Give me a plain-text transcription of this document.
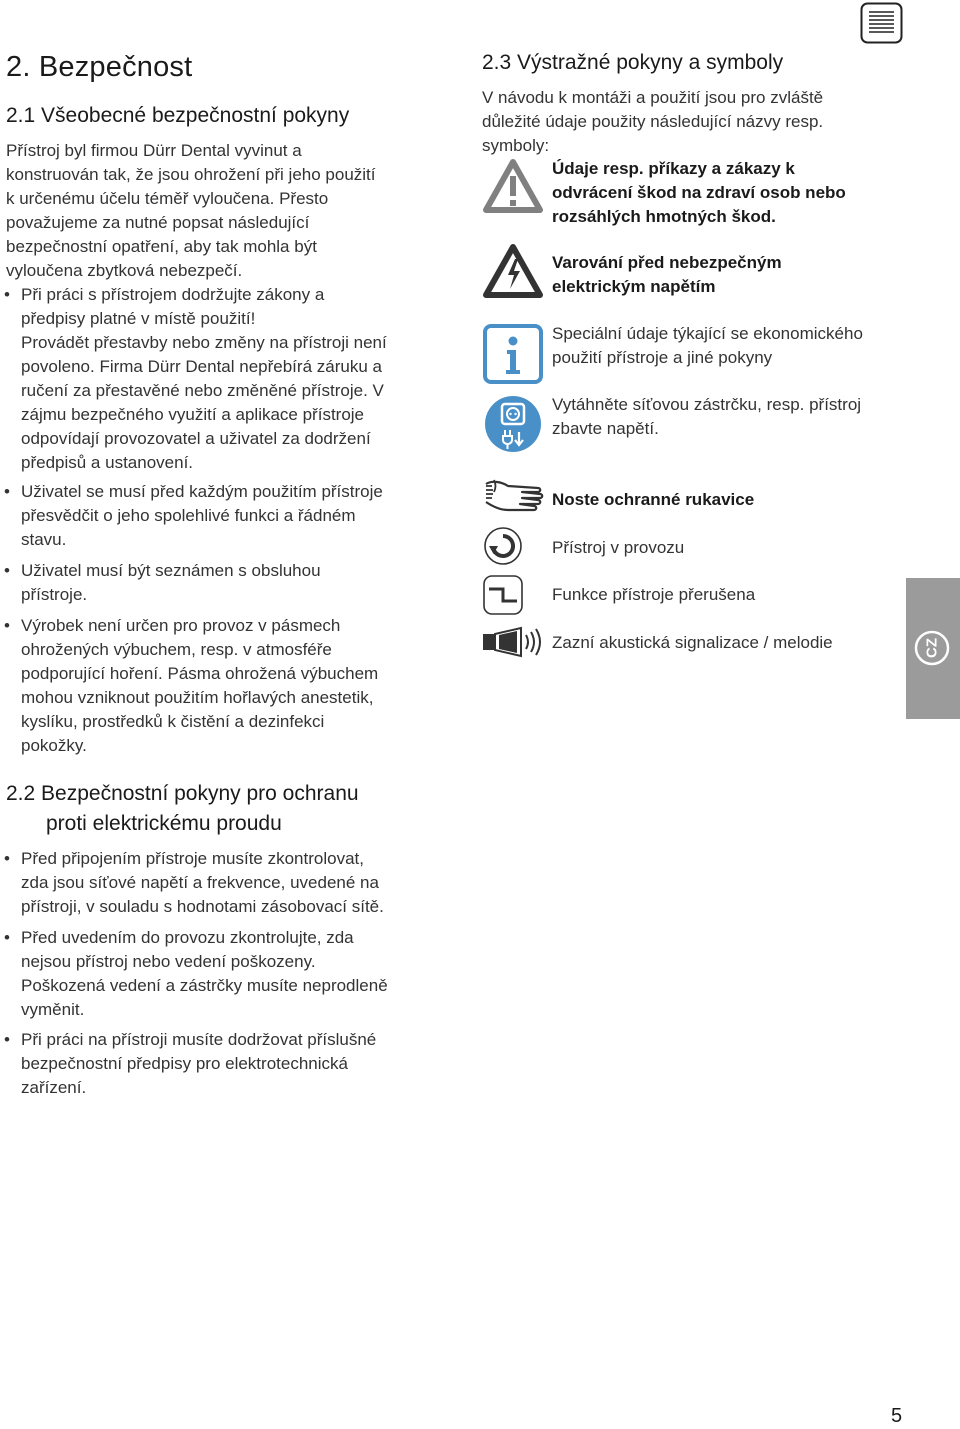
2. Bezpečnost
2.1 Všeobecné bezpečnostní pokyny
Přístroj byl firmou Dürr Dental vyvinut a
konstruován tak, že jsou ohrožení při jeho použití
k určenému účelu téměř vyloučena. Přesto
považujeme za nutné popsat následující
bezpečnostní opatření, aby tak mohla být
vyloučena zbytková nebezpečí.
• Při práci s přístrojem dodržujte zákony a
předpisy platné v místě použití!
Provádět přestavby nebo změny na přístroji není
povoleno. Firma Dürr Dental nepřebírá záruku a
ručení za přestavěné nebo změněné přístroje. V
zájmu bezpečného využití a aplikace přístroje
odpovídají provozovatel a uživatel za dodržení
předpisů a ustanovení.
• Uživatel se musí před každým použitím přístroje
přesvědčit o jeho spolehlivé funkci a řádném
stavu.
• Uživatel musí být seznámen s obsluhou
přístroje.
• Výrobek není určen pro provoz v pásmech
ohrožených výbuchem, resp. v atmosféře
podporující hoření. Pásma ohrožená výbuchem
mohou vzniknout použitím hořlavých anestetik,
kyslíku, prostředků k čistění a dezinfekci
pokožky.
2.2 Bezpečnostní pokyny pro ochranu
proti elektrickému proudu
• Před připojením přístroje musíte zkontrolovat,
zda jsou síťové napětí a frekvence, uvedené na
přístroji, v souladu s hodnotami zásobovací sítě.
• Před uvedením do provozu zkontrolujte, zda
nejsou přístroj nebo vedení poškozeny.
Poškozená vedení a zástrčky musíte neprodleně
vyměnit.
• Při práci na přístroji musíte dodržovat příslušné
bezpečnostní předpisy pro elektrotechnická
zařízení.
2.3 Výstražné pokyny a symboly
V návodu k montáži a použití jsou pro zvláště
důležité údaje použity následující názvy resp.
symboly:
Údaje resp. příkazy a zákazy k
odvrácení škod na zdraví osob nebo
rozsáhlých hmotných škod.
Varování před nebezpečným
elektrickým napětím
Speciální údaje týkající se ekonomického
použití přístroje a jiné pokyny
Vytáhněte síťovou zástrčku, resp. přístroj
zbavte napětí.
Noste ochranné rukavice
Přístroj v provozu
Funkce přístroje přerušena
Zazní akustická signalizace / melodie	CZ
5
